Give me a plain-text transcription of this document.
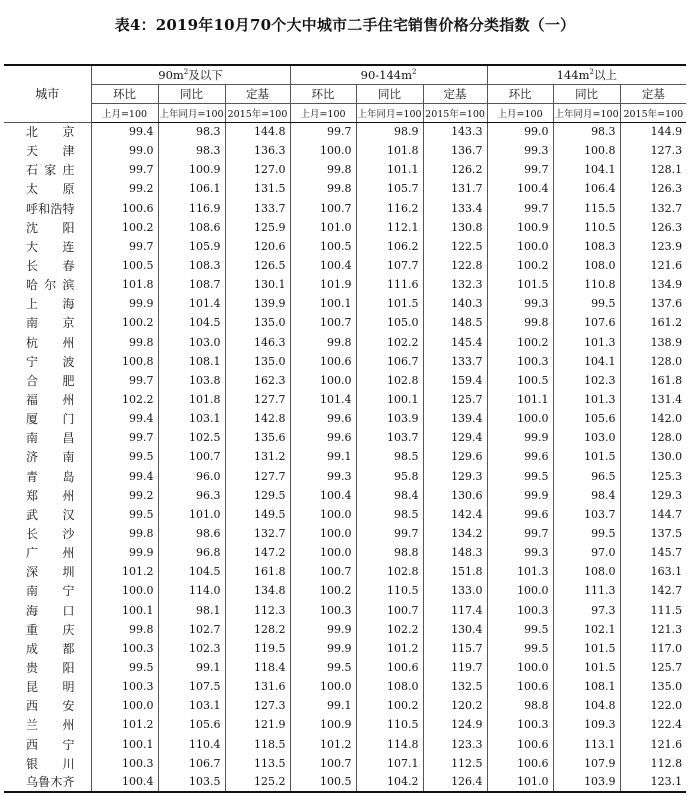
表4：2019年10月70个大中城市二手住宅销售价格分类指数（一）
城市	$90m^2$及以下			$90-144m^2$			$144m^2$以上		
	环比	同比	定基	环比	同比	定基	环比	同比	定基
	上月=100	上年同月=100	2015年=100	上月=100	上年同月=100	2015年=100	上月=100	上年同月=100	2015年=100
北京	99.4	98.3	144.8	99.7	98.9	143.3	99.0	98.3	144.9
天津	99.0	98.3	136.3	100.0	101.8	136.7	99.3	100.8	127.3
石家庄	99.7	100.9	127.0	99.8	101.1	126.2	99.7	104.1	128.1
太原	99.2	106.1	131.5	99.8	105.7	131.7	100.4	106.4	126.3
呼和浩特	100.6	116.9	133.7	100.7	116.2	133.4	99.7	115.5	132.7
沈阳	100.2	108.6	125.9	101.0	112.1	130.8	100.9	110.5	126.3
大连	99.7	105.9	120.6	100.5	106.2	122.5	100.0	108.3	123.9
长春	100.5	108.3	126.5	100.4	107.7	122.8	100.2	108.0	121.6
哈尔滨	101.8	108.7	130.1	101.9	111.6	132.3	101.5	110.8	134.9
上海	99.9	101.4	139.9	100.1	101.5	140.3	99.3	99.5	137.6
南京	100.2	104.5	135.0	100.7	105.0	148.5	99.8	107.6	161.2
杭州	99.8	103.0	146.3	99.8	102.2	145.4	100.2	101.3	138.9
宁波	100.8	108.1	135.0	100.6	106.7	133.7	100.3	104.1	128.0
合肥	99.7	103.8	162.3	100.0	102.8	159.4	100.5	102.3	161.8
福州	102.2	101.8	127.7	101.4	100.1	125.7	101.1	101.3	131.4
厦门	99.4	103.1	142.8	99.6	103.9	139.4	100.0	105.6	142.0
南昌	99.7	102.5	135.6	99.6	103.7	129.4	99.9	103.0	128.0
济南	99.5	100.7	131.2	99.1	98.5	129.6	99.6	101.5	130.0
青岛	99.4	96.0	127.7	99.3	95.8	129.3	99.5	96.5	125.3
郑州	99.2	96.3	129.5	100.4	98.4	130.6	99.9	98.4	129.3
武汉	99.5	101.0	149.5	100.0	98.5	142.4	99.6	103.7	144.7
长沙	99.8	98.6	132.7	100.0	99.7	134.2	99.7	99.5	137.5
广州	99.9	96.8	147.2	100.0	98.8	148.3	99.3	97.0	145.7
深圳	101.2	104.5	161.8	100.7	102.8	151.8	101.3	108.0	163.1
南宁	100.0	114.0	134.8	100.2	110.5	133.0	100.0	111.3	142.7
海口	100.1	98.1	112.3	100.3	100.7	117.4	100.3	97.3	111.5
重庆	99.8	102.7	128.2	99.9	102.2	130.4	99.5	102.1	121.3
成都	100.3	102.3	119.5	99.9	101.2	115.7	99.5	101.5	117.0
贵阳	99.5	99.1	118.4	99.5	100.6	119.7	100.0	101.5	125.7
昆明	100.3	107.5	131.6	100.0	108.0	132.5	100.6	108.1	135.0
西安	100.0	103.1	127.3	99.1	100.2	120.2	98.8	104.8	122.0
兰州	101.2	105.6	121.9	100.9	110.5	124.9	100.3	109.3	122.4
西宁	100.1	110.4	118.5	101.2	114.8	123.3	100.6	113.1	121.6
银川	100.3	106.7	113.5	100.7	107.1	112.5	100.6	107.9	112.8
乌鲁木齐	100.4	103.5	125.2	100.5	104.2	126.4	101.0	103.9	123.1
